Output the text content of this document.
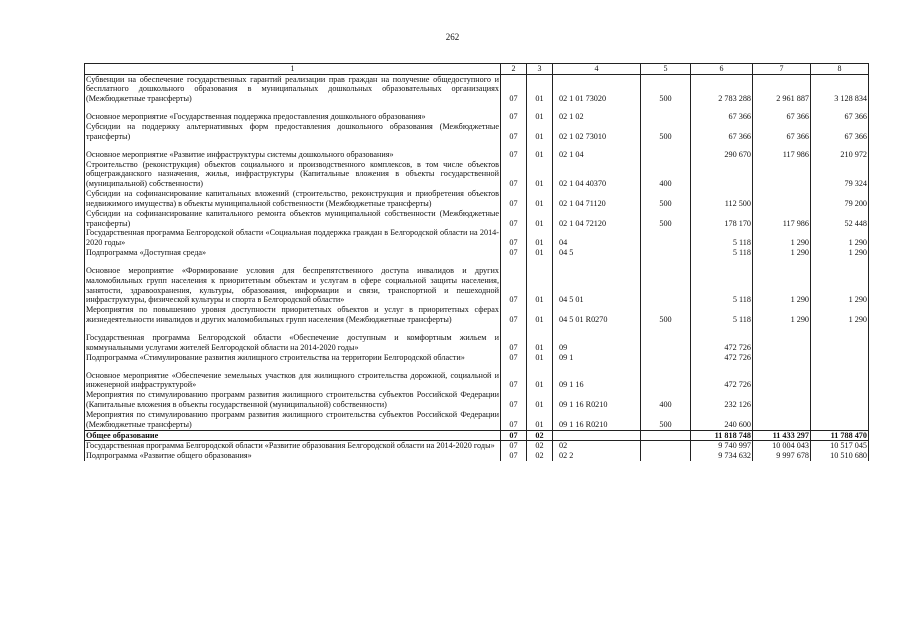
262
1	2	3	4	5	6	7	8
Субвенции на обеспечение государственных гарантий реализации прав граждан на получение общедоступного и бесплатного дошкольного образования в муниципальных дошкольных образовательных организациях (Межбюджетные трансферты)	07	01	02 1 01 73020	500	2 783 288	2 961 887	3 128 834

Основное мероприятие «Государственная поддержка предоставления дошкольного образования»	07	01	02 1 02		67 366	67 366	67 366
Субсидии на поддержку альтернативных форм предоставления дошкольного образования (Межбюджетные трансферты)	07	01	02 1 02 73010	500	67 366	67 366	67 366

Основное мероприятие «Развитие инфраструктуры системы дошкольного образования»	07	01	02 1 04		290 670	117 986	210 972
Строительство (реконструкция) объектов социального и производственного комплексов, в том числе объектов общегражданского назначения, жилья, инфраструктуры (Капитальные вложения в объекты государственной (муниципальной) собственности)	07	01	02 1 04 40370	400			79 324
Субсидии на софинансирование капитальных вложений (строительство, реконструкция и приобретения объектов недвижимого имущества) в объекты муниципальной собственности (Межбюджетные трансферты)	07	01	02 1 04 71120	500	112 500		79 200
Субсидии на софинансирование капитального ремонта объектов муниципальной собственности (Межбюджетные трансферты)	07	01	02 1 04 72120	500	178 170	117 986	52 448
Государственная программа Белгородской области «Социальная поддержка граждан в Белгородской области на 2014-2020 годы»	07	01	04		5 118	1 290	1 290
Подпрограмма «Доступная среда»	07	01	04 5		5 118	1 290	1 290

Основное мероприятие «Формирование условия для беспрепятственного доступа инвалидов и других маломобильных групп населения к приоритетным объектам и услугам в сфере социальной защиты населения, занятости, здравоохранения, культуры, образования, информации и связи, транспортной и пешеходной инфраструктуры, физической культуры и спорта в Белгородской области»	07	01	04 5 01		5 118	1 290	1 290
Мероприятия по повышению уровня доступности приоритетных объектов и услуг в приоритетных сферах жизнедеятельности инвалидов и других маломобильных групп населения (Межбюджетные трансферты)	07	01	04 5 01 R0270	500	5 118	1 290	1 290

Государственная программа Белгородской области «Обеспечение доступным и комфортным жильем и коммунальными услугами жителей Белгородской области на 2014-2020 годы»	07	01	09		472 726		
Подпрограмма «Стимулирование развития жилищного строительства на территории Белгородской области»	07	01	09 1		472 726		

Основное мероприятие «Обеспечение земельных участков для жилищного строительства дорожной, социальной и инженерной инфраструктурой»	07	01	09 1 16		472 726		
Мероприятия по стимулированию программ развития жилищного строительства субъектов Российской Федерации (Капитальные вложения в объекты государственной (муниципальной) собственности)	07	01	09 1 16 R0210	400	232 126		
Мероприятия по стимулированию программ развития жилищного строительства субъектов Российской Федерации (Межбюджетные трансферты)	07	01	09 1 16 R0210	500	240 600		
Общее образование	07	02			11 818 748	11 433 297	11 788 470
Государственная программа Белгородской области «Развитие образования Белгородской области на 2014-2020 годы»	07	02	02		9 740 997	10 004 043	10 517 045
Подпрограмма «Развитие общего образования»	07	02	02 2		9 734 632	9 997 678	10 510 680
